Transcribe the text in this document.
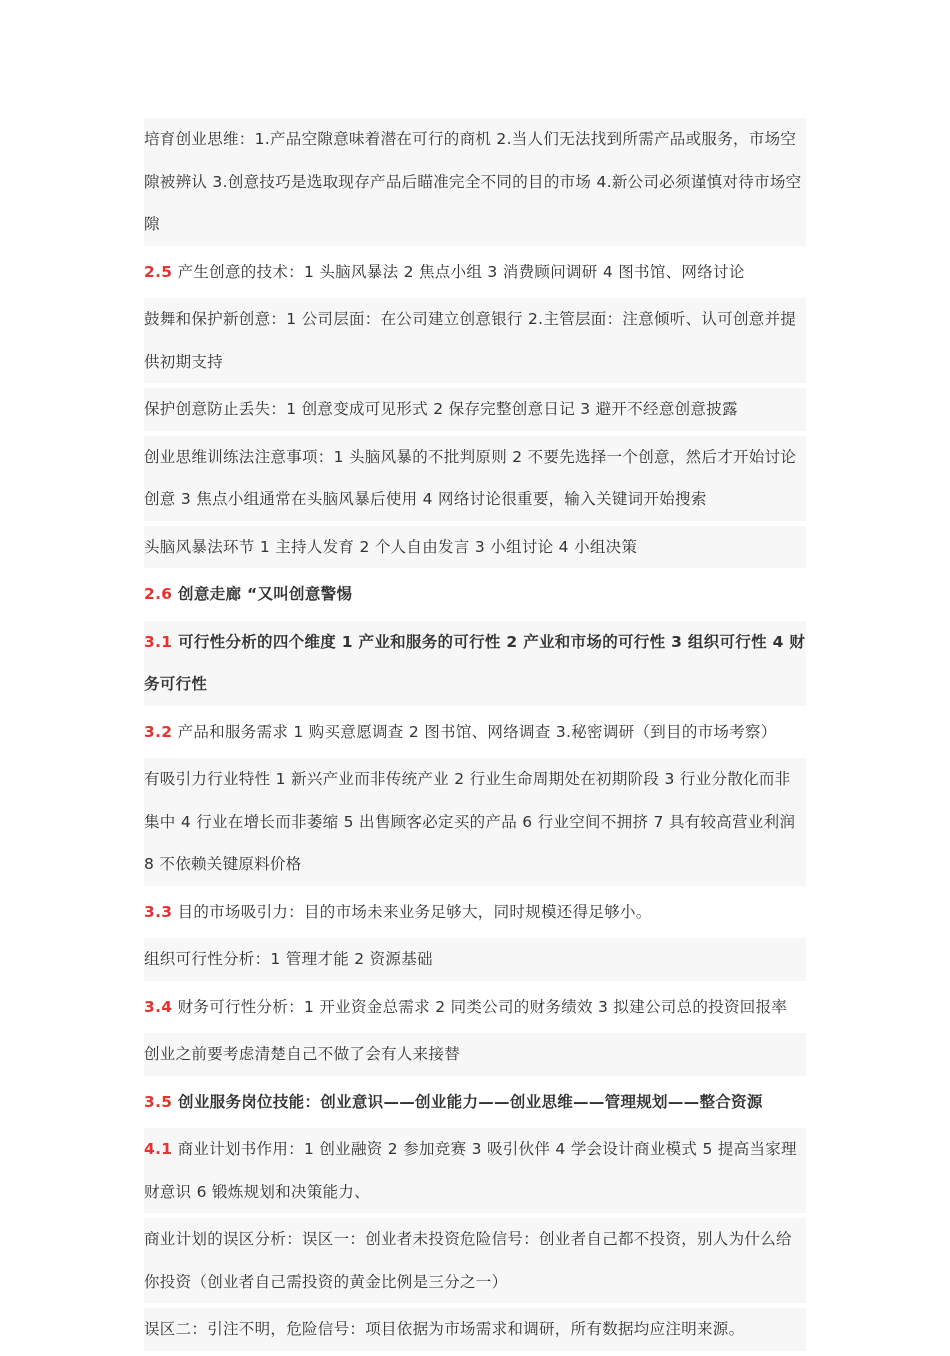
培育创业思维：1.产品空隙意味着潜在可行的商机 2.当人们无法找到所需产品或服务，市场空隙被辨认 3.创意技巧是选取现存产品后瞄准完全不同的目的市场 4.新公司必须谨慎对待市场空隙
2.5 产生创意的技术：1 头脑风暴法 2 焦点小组 3 消费顾问调研 4 图书馆、网络讨论
鼓舞和保护新创意：1 公司层面：在公司建立创意银行 2.主管层面：注意倾听、认可创意并提供初期支持
保护创意防止丢失：1 创意变成可见形式 2 保存完整创意日记 3 避开不经意创意披露
创业思维训练法注意事项：1 头脑风暴的不批判原则 2 不要先选择一个创意，然后才开始讨论创意 3 焦点小组通常在头脑风暴后使用 4 网络讨论很重要，输入关键词开始搜索
头脑风暴法环节 1 主持人发育 2 个人自由发言 3 小组讨论 4 小组决策
2.6 创意走廊 “又叫创意警惕
3.1 可行性分析的四个维度 1 产业和服务的可行性 2 产业和市场的可行性 3 组织可行性 4 财务可行性
3.2 产品和服务需求 1 购买意愿调查 2 图书馆、网络调查 3.秘密调研（到目的市场考察）
有吸引力行业特性 1 新兴产业而非传统产业 2 行业生命周期处在初期阶段 3 行业分散化而非集中 4 行业在增长而非萎缩 5 出售顾客必定买的产品 6 行业空间不拥挤 7 具有较高营业利润 8 不依赖关键原料价格
3.3 目的市场吸引力：目的市场未来业务足够大，同时规模还得足够小。
组织可行性分析：1 管理才能 2 资源基础
3.4 财务可行性分析：1 开业资金总需求 2 同类公司的财务绩效 3 拟建公司总的投资回报率
创业之前要考虑清楚自己不做了会有人来接替
3.5 创业服务岗位技能：创业意识——创业能力——创业思维——管理规划——整合资源
4.1 商业计划书作用：1 创业融资 2 参加竞赛 3 吸引伙伴 4 学会设计商业模式 5 提高当家理财意识 6 锻炼规划和决策能力、
商业计划的误区分析：误区一：创业者未投资危险信号：创业者自己都不投资，别人为什么给你投资（创业者自己需投资的黄金比例是三分之一）
误区二：引注不明，危险信号：项目依据为市场需求和调研，所有数据均应注明来源。
